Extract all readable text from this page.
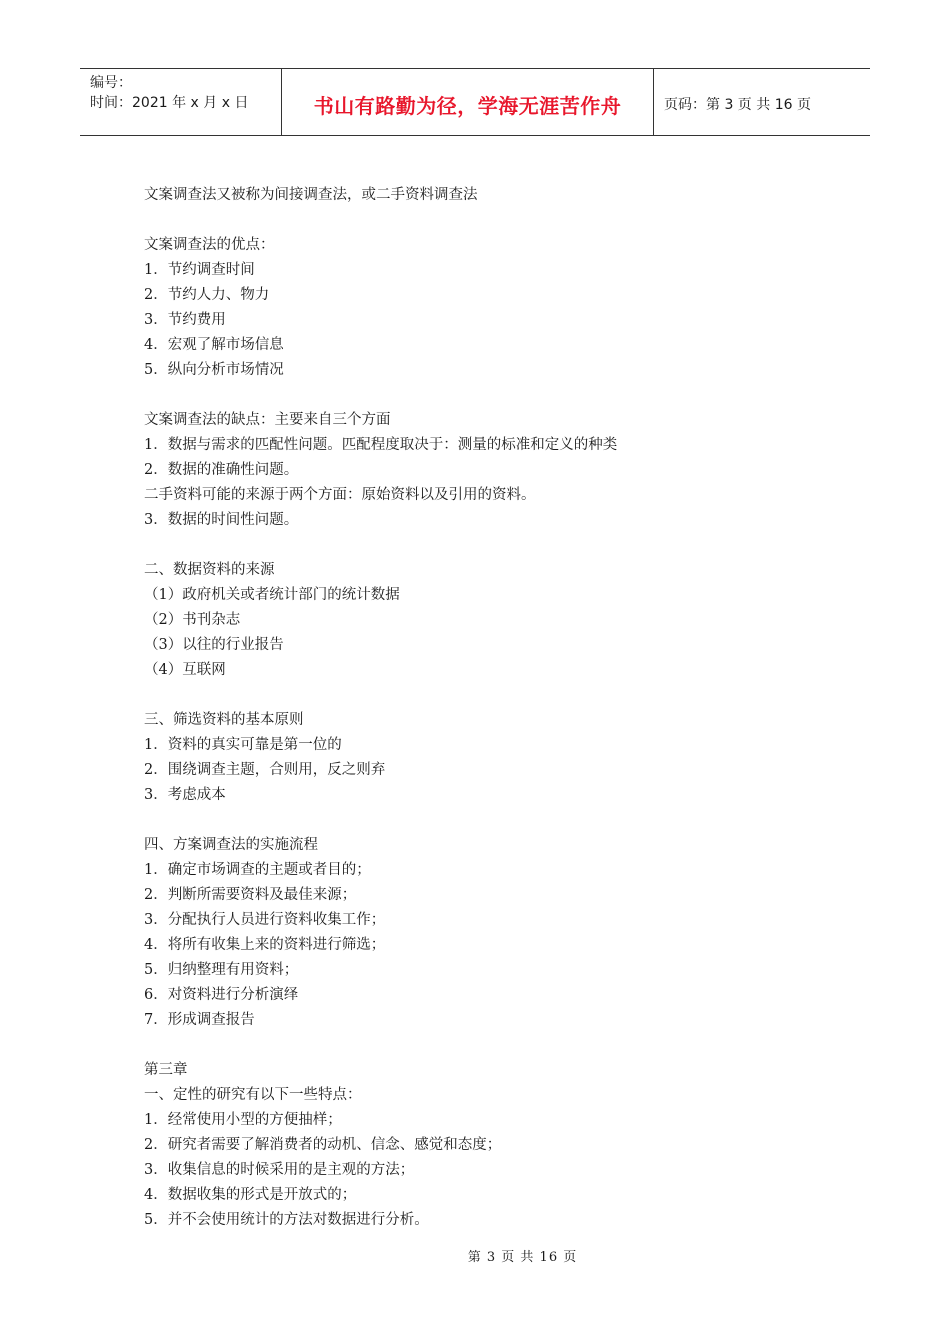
编号：
时间：2021 年 x 月 x 日	书山有路勤为径，学海无涯苦作舟	页码：第 3 页 共 16 页
文案调查法又被称为间接调查法，或二手资料调查法
文案调查法的优点：
1．节约调查时间
2．节约人力、物力
3．节约费用
4．宏观了解市场信息
5．纵向分析市场情况
文案调查法的缺点：主要来自三个方面
1．数据与需求的匹配性问题。匹配程度取决于：测量的标准和定义的种类
2．数据的准确性问题。
二手资料可能的来源于两个方面：原始资料以及引用的资料。
3．数据的时间性问题。
二、数据资料的来源
（1）政府机关或者统计部门的统计数据
（2）书刊杂志
（3）以往的行业报告
（4）互联网
三、筛选资料的基本原则
1．资料的真实可靠是第一位的
2．围绕调查主题，合则用，反之则弃
3．考虑成本
四、方案调查法的实施流程
1．确定市场调查的主题或者目的；
2．判断所需要资料及最佳来源；
3．分配执行人员进行资料收集工作；
4．将所有收集上来的资料进行筛选；
5．归纳整理有用资料；
6．对资料进行分析演绎
7．形成调查报告
第三章
一、定性的研究有以下一些特点：
1．经常使用小型的方便抽样；
2．研究者需要了解消费者的动机、信念、感觉和态度；
3．收集信息的时候采用的是主观的方法；
4．数据收集的形式是开放式的；
5．并不会使用统计的方法对数据进行分析。
第 3 页 共 16 页
